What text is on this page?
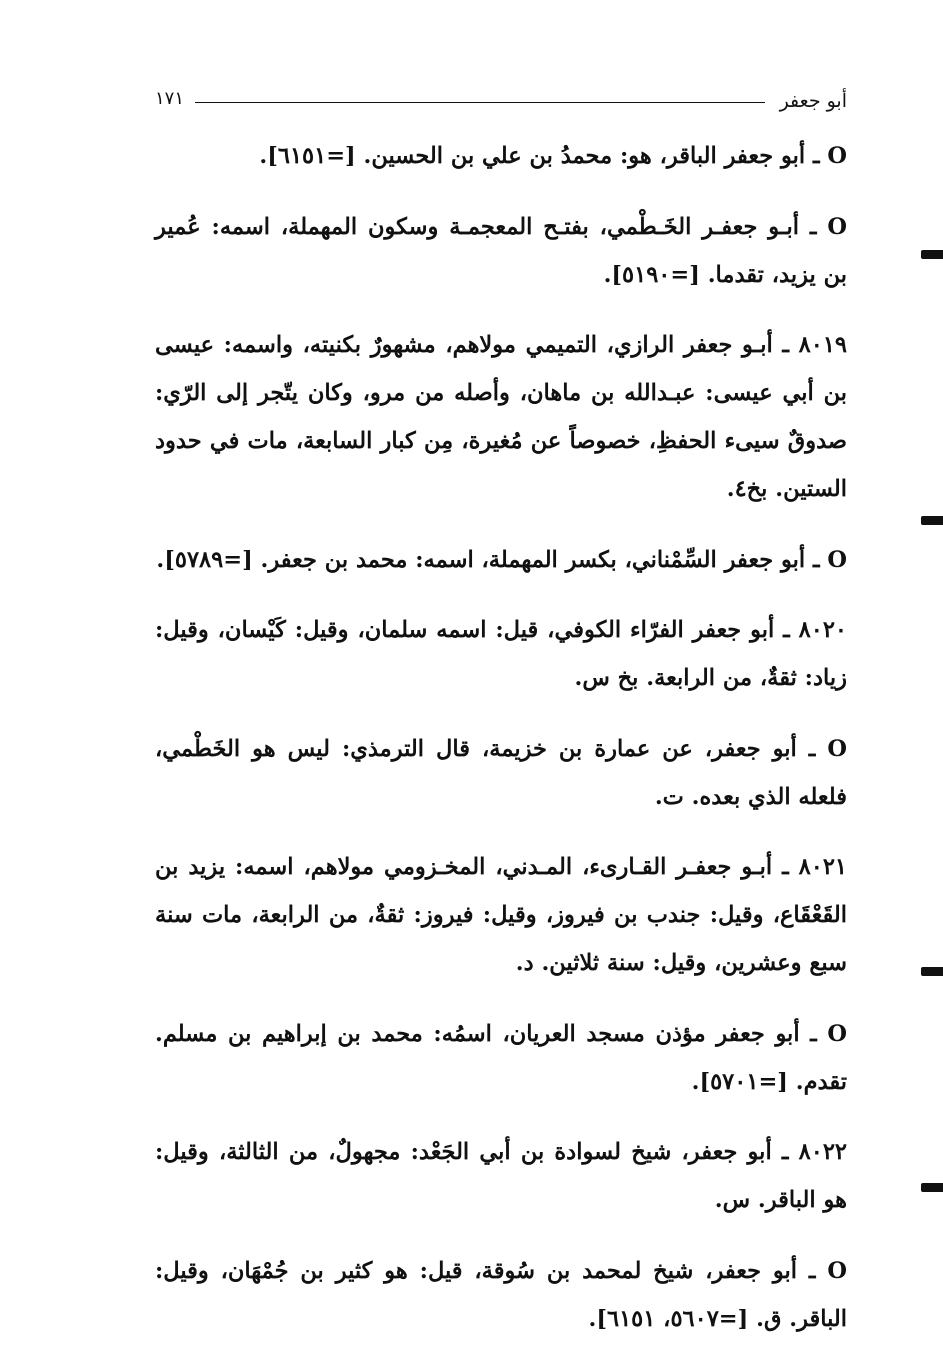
أبو جعفر
١٧١

O ـ أبو جعفر الباقر، هو: محمدُ بن علي بن الحسين. [=٦١٥١].

O ـ أبـو جعفـر الخَـطْمي، بفتـح المعجمـة وسكون المهملة، اسمه: عُمير بن يزيد، تقدما. [=٥١٩٠].

٨٠١٩ ـ أبـو جعفر الرازي، التميمي مولاهم، مشهورٌ بكنيته، واسمه: عيسى بن أبي عيسى: عبـدالله بن ماهان، وأصله من مرو، وكان يتّجر إلى الرّي: صدوقٌ سيىء الحفظِ، خصوصاً عن مُغيرة، مِن كبار السابعة، مات في حدود الستين. بخ٤.

O ـ أبو جعفر السِّمْناني، بكسر المهملة، اسمه: محمد بن جعفر. [=٥٧٨٩].

٨٠٢٠ ـ أبو جعفر الفرّاء الكوفي، قيل: اسمه سلمان، وقيل: كَيْسان، وقيل: زياد: ثقةٌ، من الرابعة. بخ س.

O ـ أبو جعفر، عن عمارة بن خزيمة، قال الترمذي: ليس هو الخَطْمي، فلعله الذي بعده. ت.

٨٠٢١ ـ أبـو جعفـر القـارىء، المـدني، المخـزومي مولاهم، اسمه: يزيد بن القَعْقَاع، وقيل: جندب بن فيروز، وقيل: فيروز: ثقةٌ، من الرابعة، مات سنة سبع وعشرين، وقيل: سنة ثلاثين. د.

O ـ أبو جعفر مؤذن مسجد العريان، اسمُه: محمد بن إبراهيم بن مسلم. تقدم. [=٥٧٠١].

٨٠٢٢ ـ أبو جعفر، شيخ لسوادة بن أبي الجَعْد: مجهولٌ، من الثالثة، وقيل: هو الباقر. س.

O ـ أبو جعفر، شيخ لمحمد بن سُوقة، قيل: هو كثير بن جُمْهَان، وقيل: الباقر. ق. [=٥٦٠٧، ٦١٥١].
